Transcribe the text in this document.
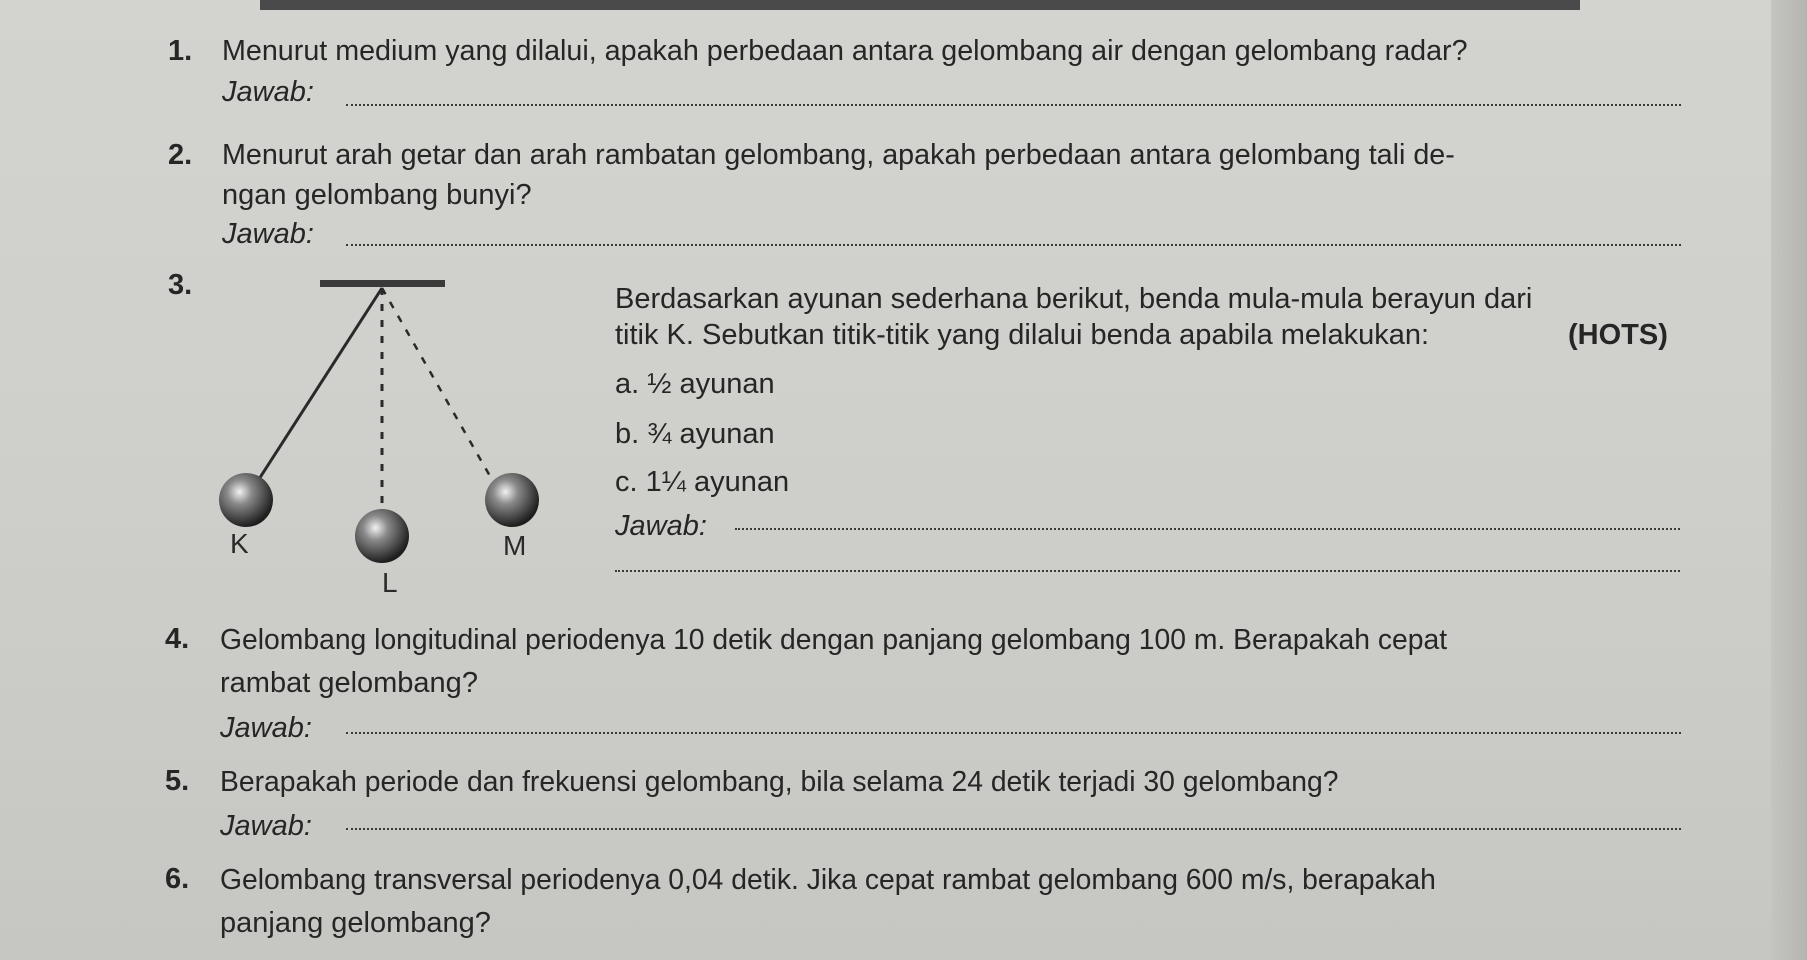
1. Menurut medium yang dilalui, apakah perbedaan antara gelombang air dengan gelombang radar?
Jawab:
2. Menurut arah getar dan arah rambatan gelombang, apakah perbedaan antara gelombang tali de-
ngan gelombang bunyi?
Jawab:
3.
K
L
M
Berdasarkan ayunan sederhana berikut, benda mula-mula berayun dari
titik K. Sebutkan titik-titik yang dilalui benda apabila melakukan:	(HOTS)
a. ½ ayunan
b. ¾ ayunan
c. 1¼ ayunan
Jawab:
4. Gelombang longitudinal periodenya 10 detik dengan panjang gelombang 100 m. Berapakah cepat
rambat gelombang?
Jawab:
5. Berapakah periode dan frekuensi gelombang, bila selama 24 detik terjadi 30 gelombang?
Jawab:
6. Gelombang transversal periodenya 0,04 detik. Jika cepat rambat gelombang 600 m/s, berapakah
panjang gelombang?
